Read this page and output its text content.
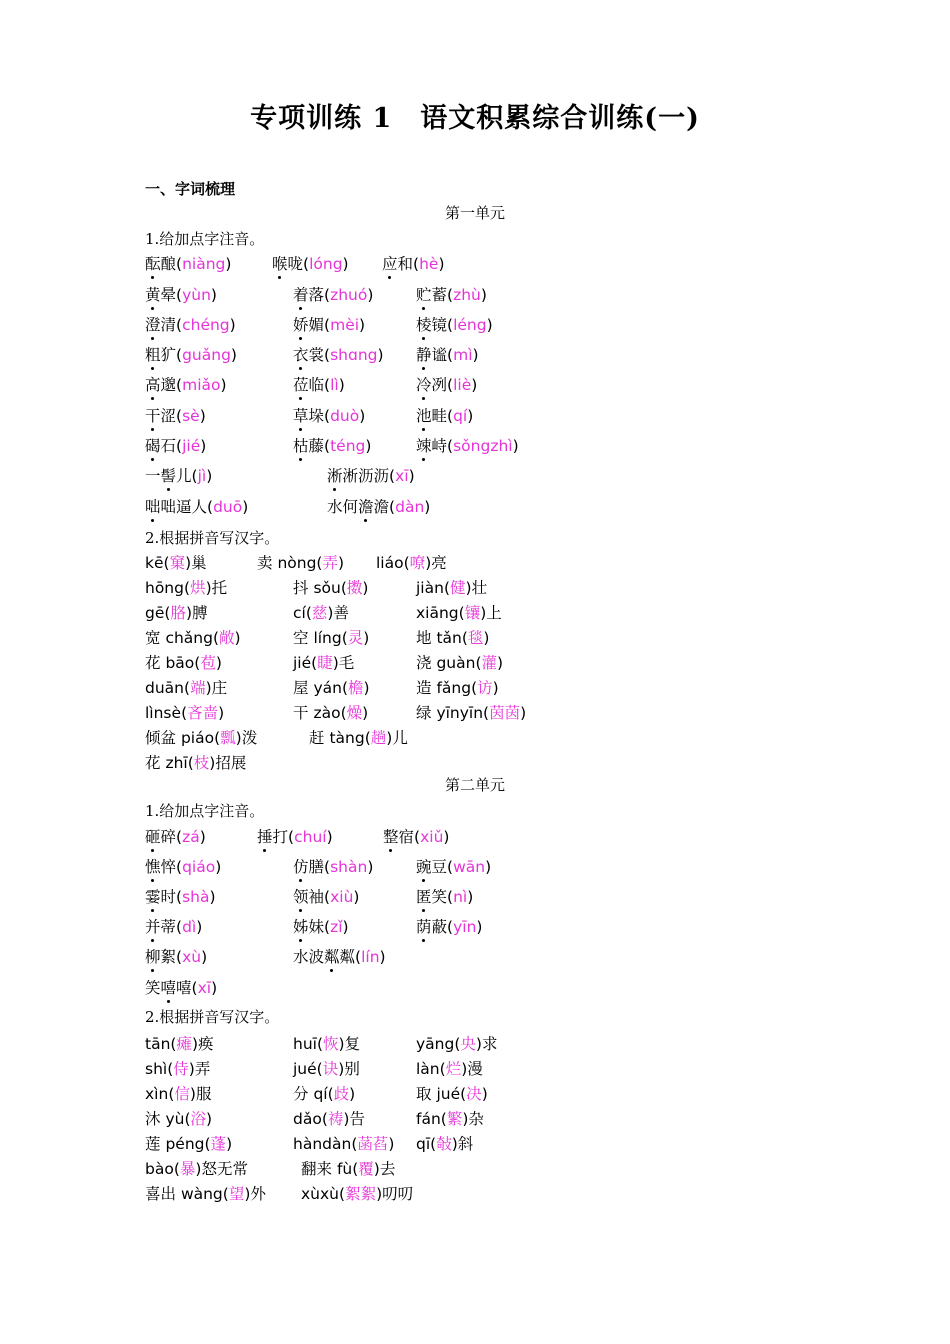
专项训练 1　语文积累综合训练(一)
一、字词梳理
第一单元
1.给加点字注音。
酝酿(niàng)	喉咙(lóng) 应和(hè)
黄晕(yùn)	着落(zhuó)	贮蓄(zhù)
澄清(chéng)	娇媚(mèi)	棱镜(léng)
粗犷(guǎng)	衣裳(shɑng) 静谧(mì)
高邈(miǎo)	莅临(lì)	冷冽(liè)
干涩(sè)	草垛(duò)	池畦(qí)
碣石(jié)	枯藤(téng)	竦峙(sǒngzhì)
一髻儿(jì)	淅淅沥沥(xī)
咄咄逼人(duō)	水何澹澹(dàn)
2.根据拼音写汉字。
kē(窠)巢	卖 nòng(弄) liáo(嘹)亮
hōng(烘)托	抖 sǒu(擞)	jiàn(健)壮
gē(胳)膊	cí(慈)善	xiāng(镶)上
宽 chǎng(敞)	空 líng(灵)	地 tǎn(毯)
花 bāo(苞)	jié(睫)毛	浇 guàn(灌)
duān(端)庄	屋 yán(檐)	造 fǎng(访)
lìnsè(吝啬)	干 zào(燥)	绿 yīnyīn(茵茵)
倾盆 piáo(瓢)泼	赶 tàng(趟)儿
花 zhī(枝)招展
第二单元
1.给加点字注音。
砸碎(zá)	捶打(chuí)	整宿(xiǔ)
憔悴(qiáo)	仿膳(shàn)	豌豆(wān)
霎时(shà)	领袖(xiù)	匿笑(nì)
并蒂(dì)	姊妹(zǐ)	荫蔽(yīn)
柳絮(xù)	水波粼粼(lín)
笑嘻嘻(xī)
2.根据拼音写汉字。
tān(瘫)痪	huī(恢)复	yāng(央)求
shì(侍)弄	jué(诀)别	làn(烂)漫
xìn(信)服	分 qí(歧)	取 jué(决)
沐 yù(浴)	dǎo(祷)告	fán(繁)杂
莲 péng(蓬)	hàndàn(菡萏) qī(敧)斜
bào(暴)怒无常	翻来 fù(覆)去
喜出 wàng(望)外 xùxù(絮絮)叨叨
